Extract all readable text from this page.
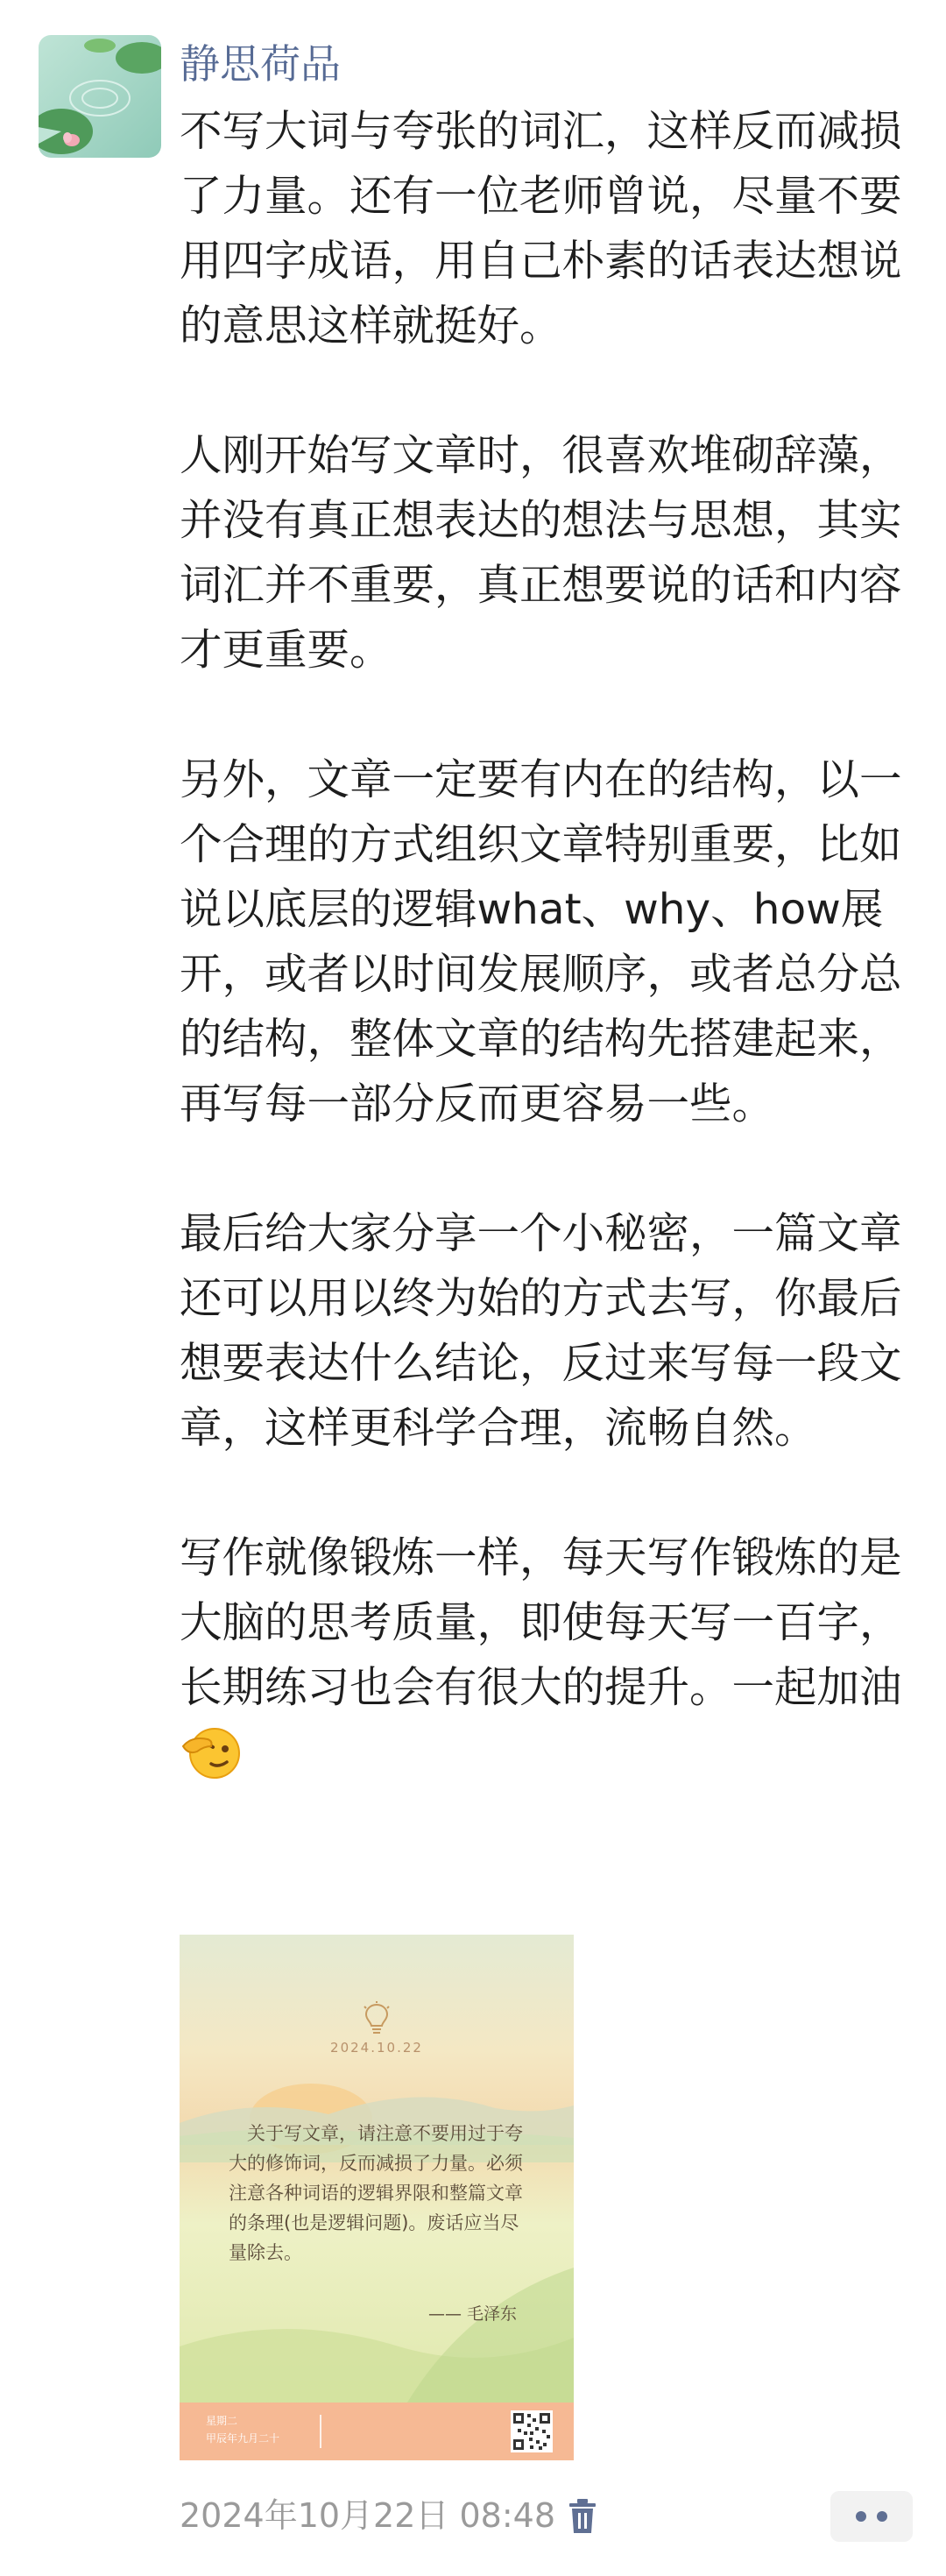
静思荷品

不写大词与夸张的词汇，这样反而减损了力量。还有一位老师曾说，尽量不要用四字成语，用自己朴素的话表达想说的意思这样就挺好。

人刚开始写文章时，很喜欢堆砌辞藻，并没有真正想表达的想法与思想，其实词汇并不重要，真正想要说的话和内容才更重要。

另外，文章一定要有内在的结构，以一个合理的方式组织文章特别重要，比如说以底层的逻辑what、why、how展开，或者以时间发展顺序，或者总分总的结构，整体文章的结构先搭建起来，再写每一部分反而更容易一些。

最后给大家分享一个小秘密，一篇文章还可以用以终为始的方式去写，你最后想要表达什么结论，反过来写每一段文章，这样更科学合理，流畅自然。

写作就像锻炼一样，每天写作锻炼的是大脑的思考质量，即使每天写一百字，长期练习也会有很大的提升。一起加油

2024.10.22

关于写文章，请注意不要用过于夸大的修饰词，反而减损了力量。必须注意各种词语的逻辑界限和整篇文章的条理(也是逻辑问题)。废话应当尽量除去。

—— 毛泽东
星期二
甲辰年九月二十
2024年10月22日 08:48
